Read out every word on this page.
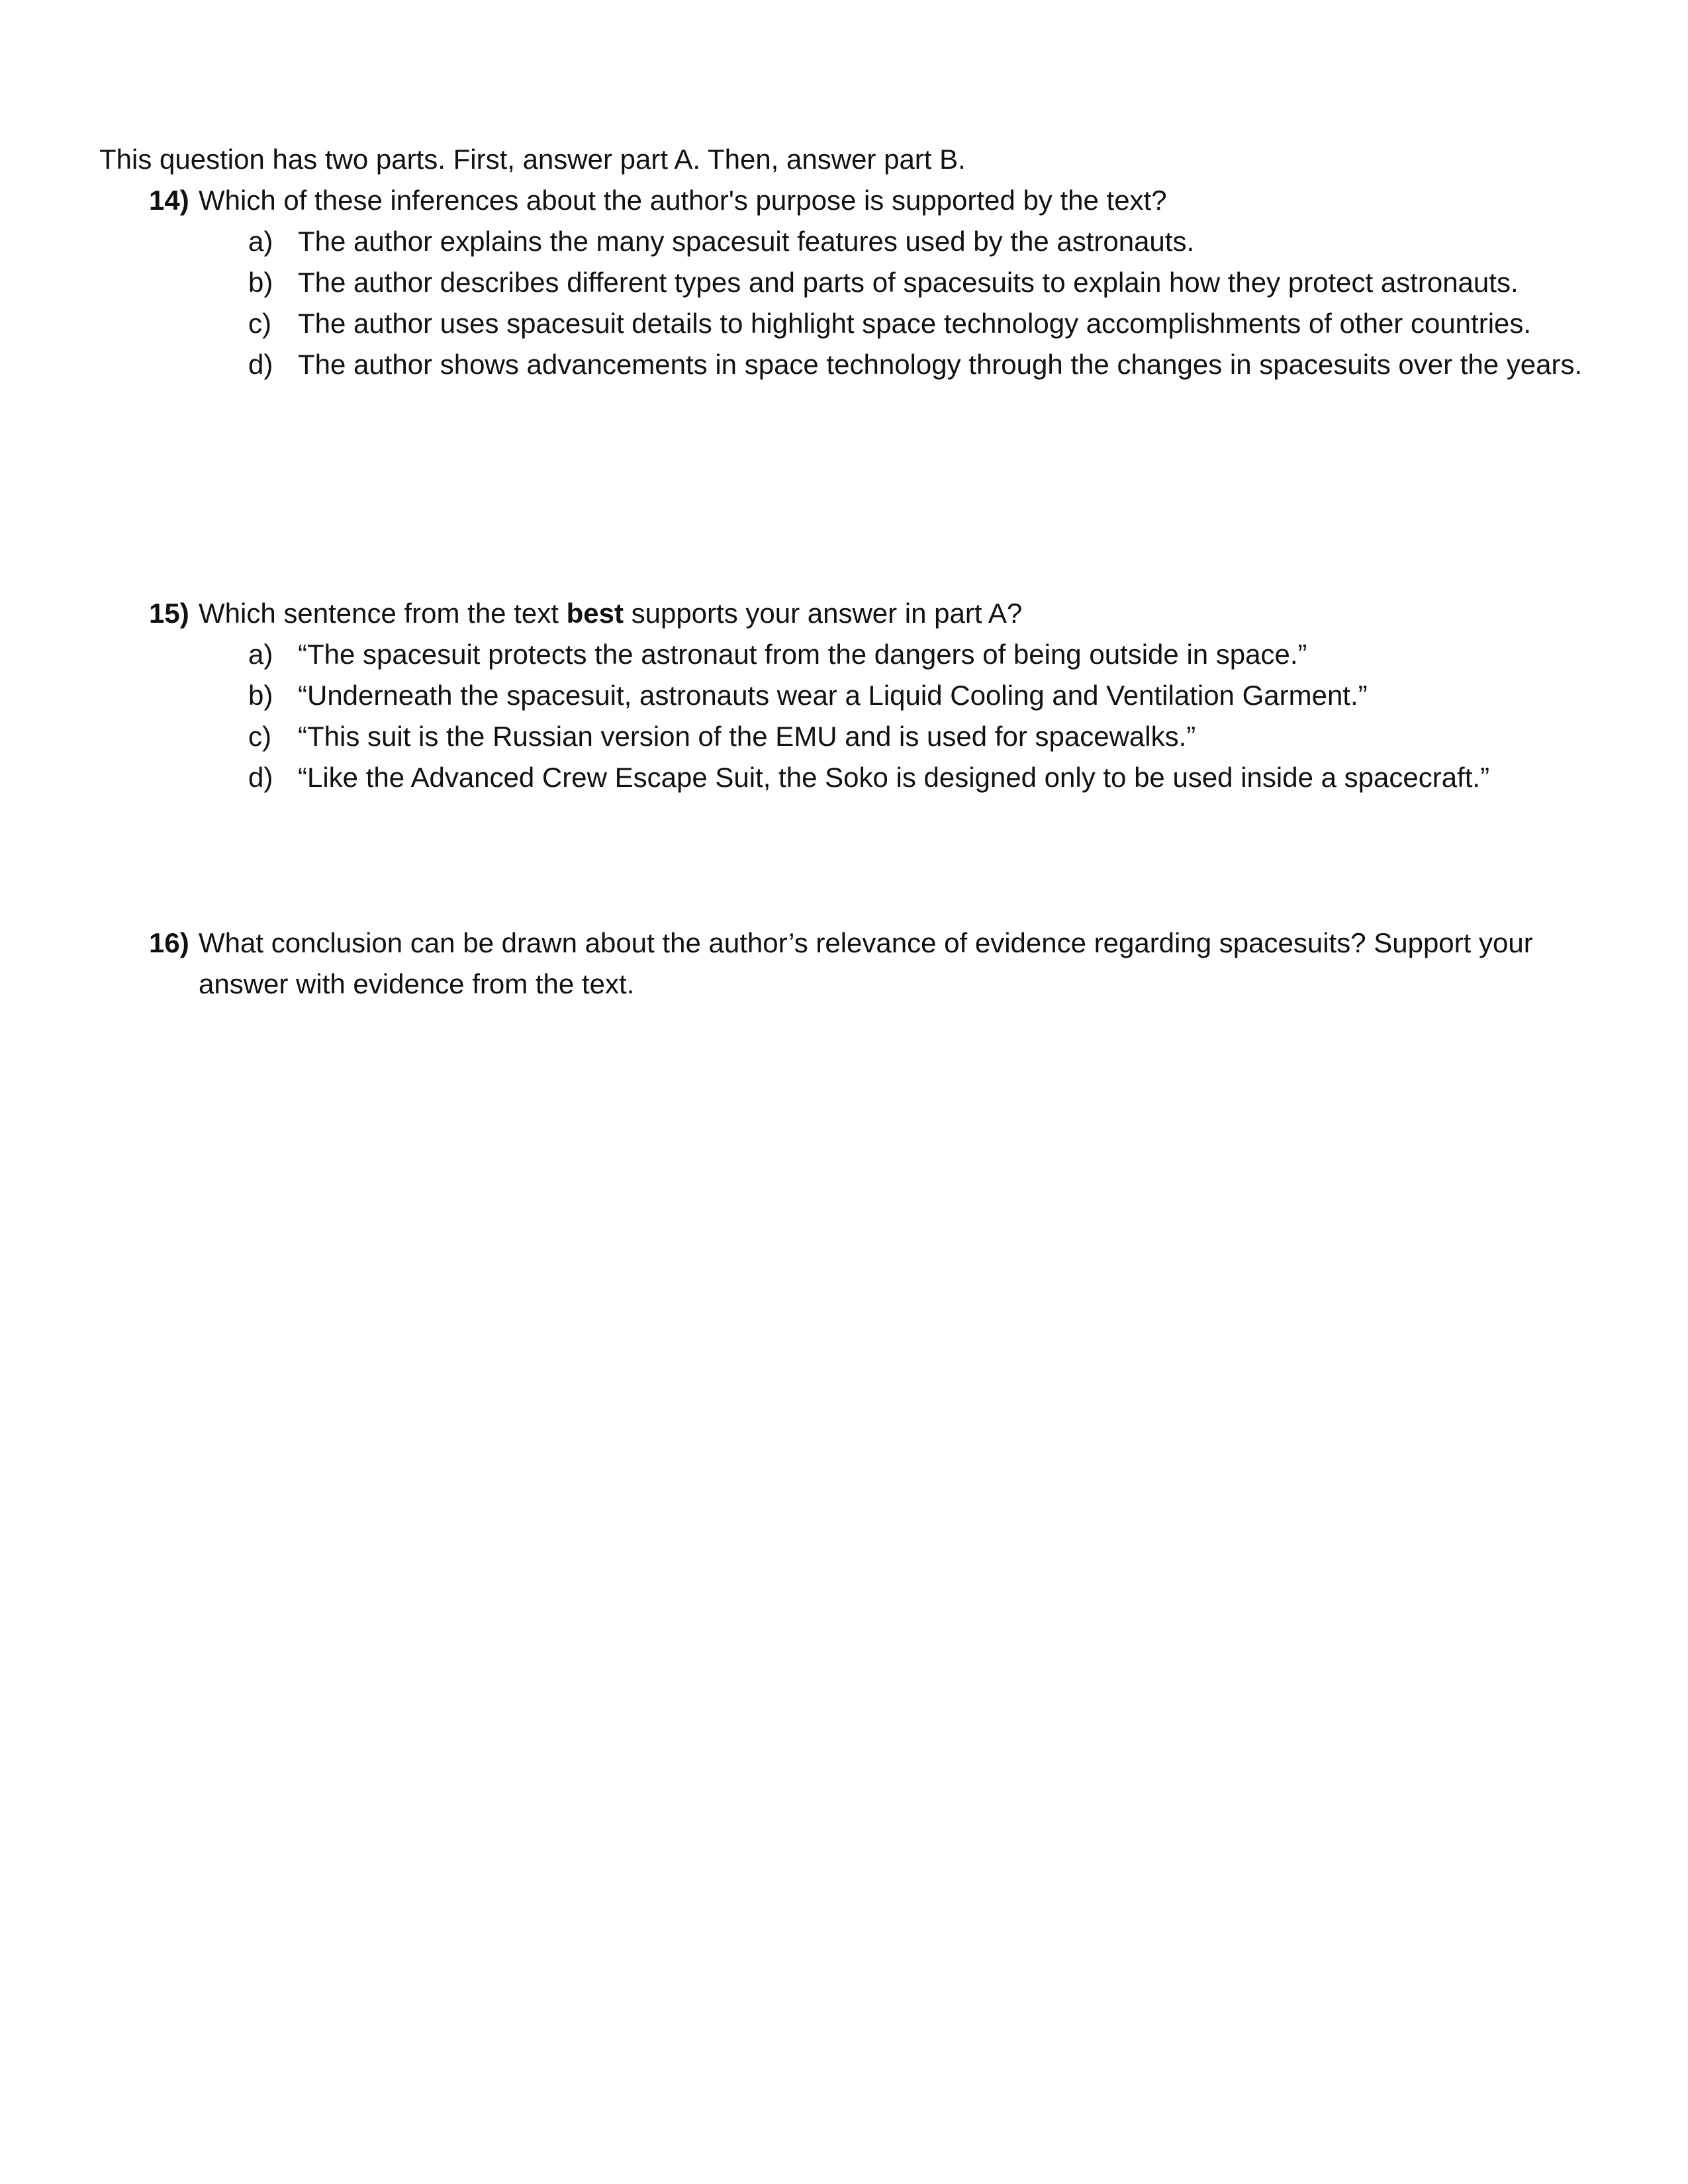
This question has two parts. First, answer part A. Then, answer part B.
14) Which of these inferences about the author's purpose is supported by the text?
a) The author explains the many spacesuit features used by the astronauts.
b) The author describes different types and parts of spacesuits to explain how they protect astronauts.
c) The author uses spacesuit details to highlight space technology accomplishments of other countries.
d) The author shows advancements in space technology through the changes in spacesuits over the years.
15) Which sentence from the text best supports your answer in part A?
a) “The spacesuit protects the astronaut from the dangers of being outside in space.”
b) “Underneath the spacesuit, astronauts wear a Liquid Cooling and Ventilation Garment.”
c) “This suit is the Russian version of the EMU and is used for spacewalks.”
d) “Like the Advanced Crew Escape Suit, the Soko is designed only to be used inside a spacecraft.”
16) What conclusion can be drawn about the author’s relevance of evidence regarding spacesuits? Support your answer with evidence from the text.
